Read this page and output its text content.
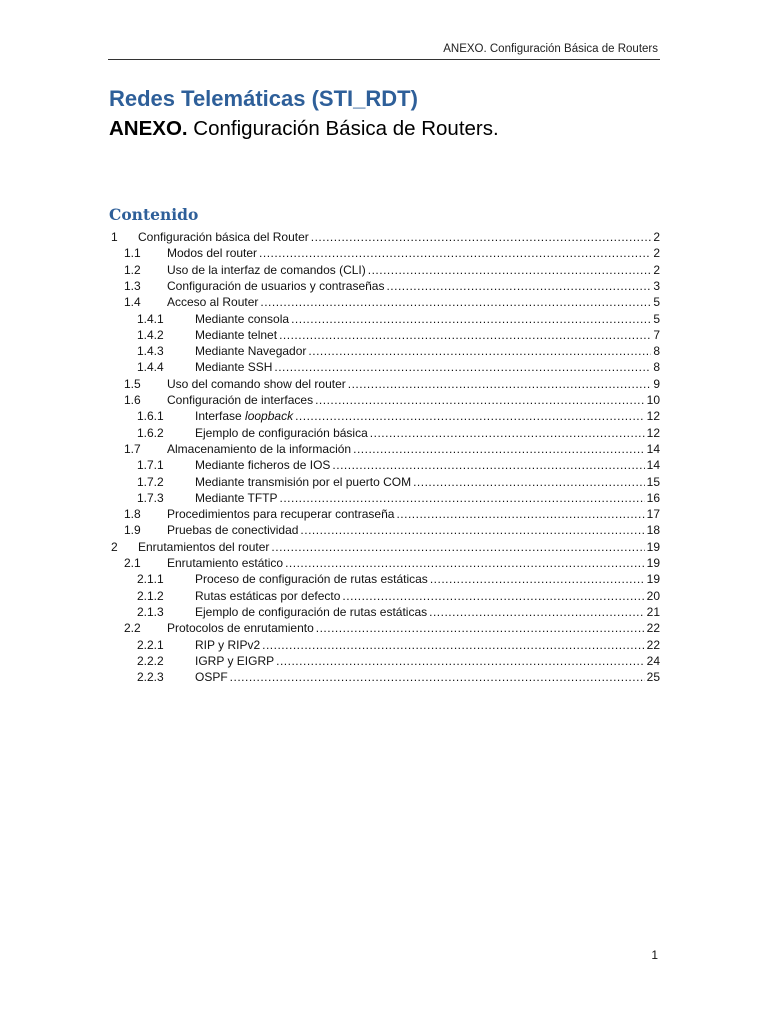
ANEXO. Configuración Básica de Routers
Redes Telemáticas (STI_RDT)
ANEXO. Configuración Básica de Routers.
Contenido
1	Configuración básica del Router .....	2
1.1	Modos del router .....	2
1.2	Uso de la interfaz de comandos (CLI) .....	2
1.3	Configuración de usuarios y contraseñas .....	3
1.4	Acceso al Router .....	5
1.4.1	Mediante consola .....	5
1.4.2	Mediante telnet .....	7
1.4.3	Mediante Navegador .....	8
1.4.4	Mediante SSH .....	8
1.5	Uso del comando show del router .....	9
1.6	Configuración de interfaces .....	10
1.6.1	Interfase loopback .....	12
1.6.2	Ejemplo de configuración básica .....	12
1.7	Almacenamiento de la información .....	14
1.7.1	Mediante ficheros de IOS .....	14
1.7.2	Mediante transmisión por el puerto COM .....	15
1.7.3	Mediante TFTP .....	16
1.8	Procedimientos para recuperar contraseña .....	17
1.9	Pruebas de conectividad .....	18
2	Enrutamientos del router .....	19
2.1	Enrutamiento estático .....	19
2.1.1	Proceso de configuración de rutas estáticas .....	19
2.1.2	Rutas estáticas por defecto .....	20
2.1.3	Ejemplo de configuración de rutas estáticas .....	21
2.2	Protocolos de enrutamiento .....	22
2.2.1	RIP y RIPv2 .....	22
2.2.2	IGRP y EIGRP .....	24
2.2.3	OSPF .....	25
1
